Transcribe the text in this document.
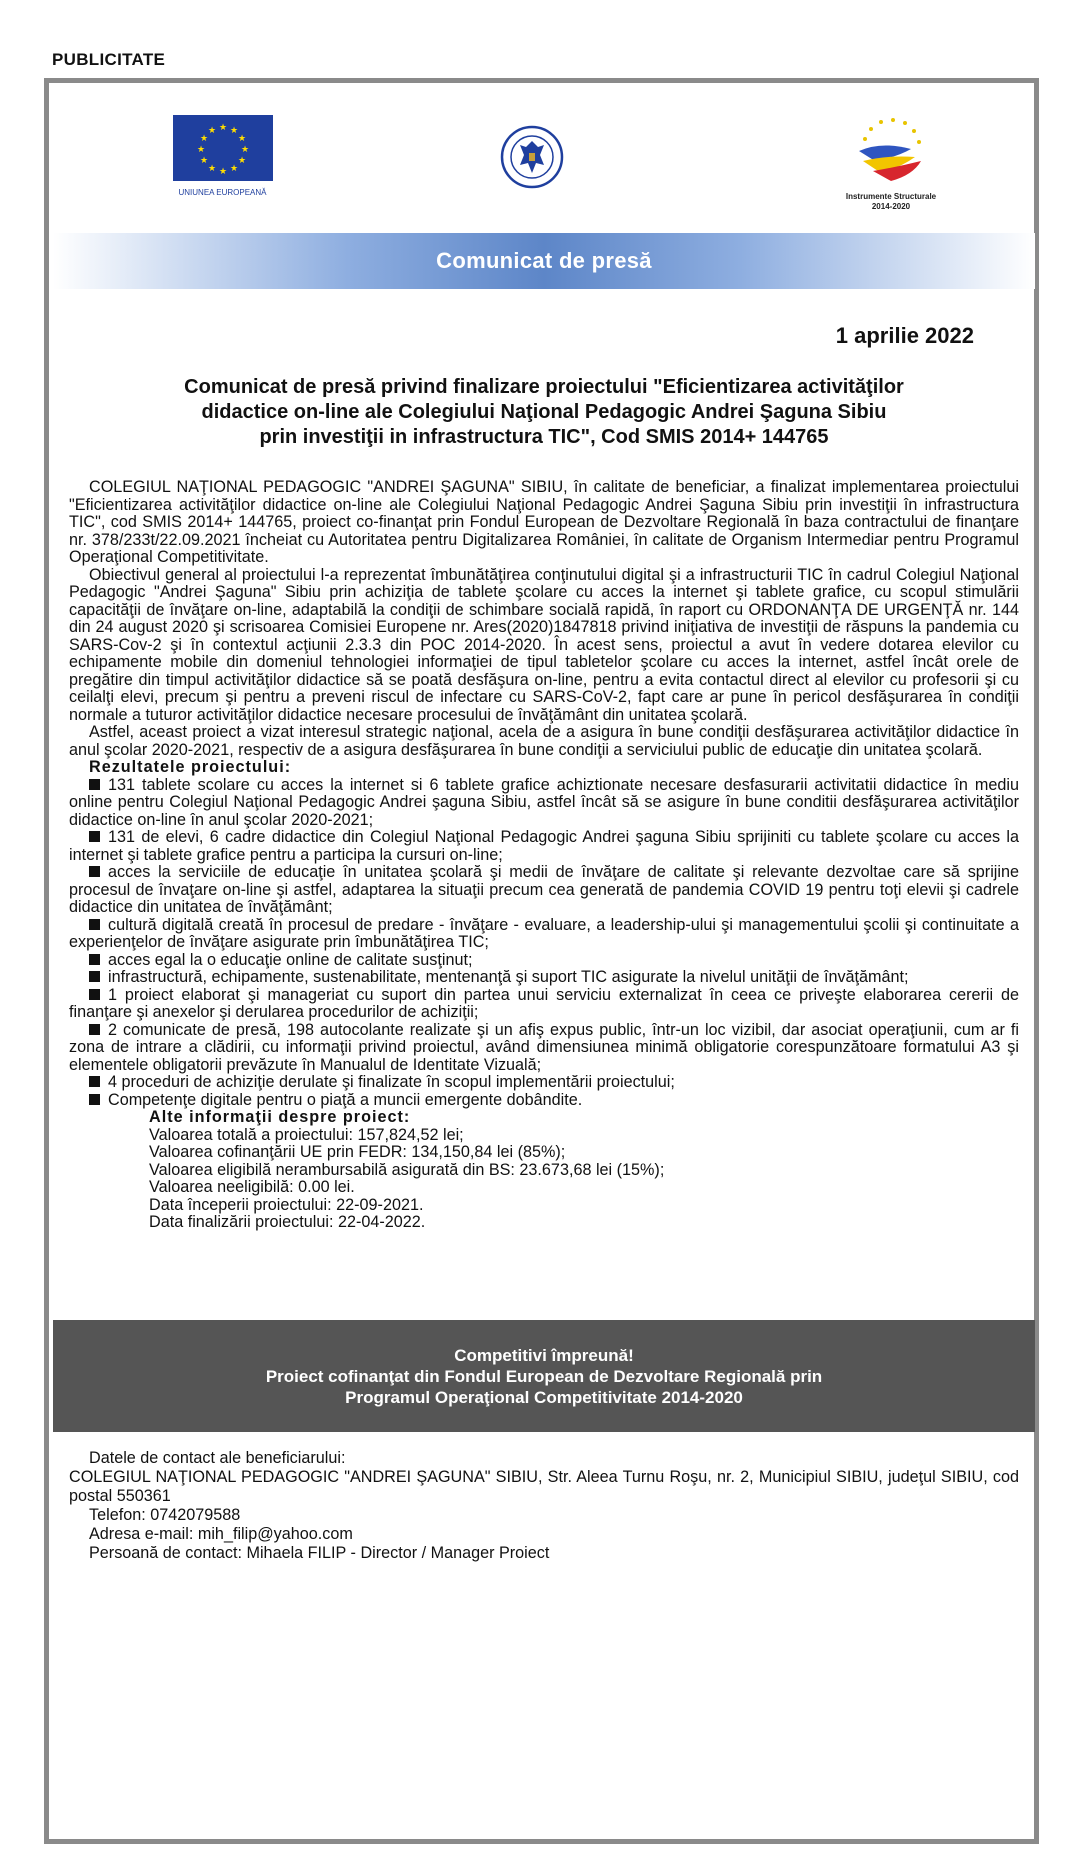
PUBLICITATE
★ ★
★
★
★
★
★
★
★
★
★
★
UNIUNEA EUROPEANĂ	Instrumente Structurale
2014-2020
Comunicat de presă
1 aprilie 2022
Comunicat de presă privind finalizare proiectului "Eficientizarea activităţilor
didactice on-line ale Colegiului Naţional Pedagogic Andrei Şaguna Sibiu
prin investiţii in infrastructura TIC", Cod SMIS 2014+ 144765

COLEGIUL NAŢIONAL PEDAGOGIC "ANDREI ŞAGUNA" SIBIU, în calitate de beneficiar, a finalizat implementarea proiectului "Eficientizarea activităţilor didactice on-line ale Colegiului Naţional Pedagogic Andrei Şaguna Sibiu prin investiţii în infrastructura TIC", cod SMIS 2014+ 144765, proiect co-finanţat prin Fondul European de Dezvoltare Regională în baza contractului de finanţare nr. 378/233t/22.09.2021 încheiat cu Autoritatea pentru Digitalizarea României, în calitate de Organism Intermediar pentru Programul Operaţional Competitivitate.

Obiectivul general al proiectului l-a reprezentat îmbunătăţirea conţinutului digital şi a infrastructurii TIC în cadrul Colegiul Naţional Pedagogic "Andrei Şaguna" Sibiu prin achiziţia de tablete şcolare cu acces la internet şi tablete grafice, cu scopul stimulării capacităţii de învăţare on-line, adaptabilă la condiţii de schimbare socială rapidă, în raport cu ORDONANŢA DE URGENŢĂ nr. 144 din 24 august 2020 şi scrisoarea Comisiei Europene nr. Ares(2020)1847818 privind iniţiativa de investiţii de răspuns la pandemia cu SARS-Cov-2 şi în contextul acţiunii 2.3.3 din POC 2014-2020. În acest sens, proiectul a avut în vedere dotarea elevilor cu echipamente mobile din domeniul tehnologiei informaţiei de tipul tabletelor şcolare cu acces la internet, astfel încât orele de pregătire din timpul activităţilor didactice să se poată desfăşura on-line, pentru a evita contactul direct al elevilor cu profesorii şi cu ceilalţi elevi, precum şi pentru a preveni riscul de infectare cu SARS-CoV-2, fapt care ar pune în pericol desfăşurarea în condiţii normale a tuturor activităţilor didactice necesare procesului de învăţământ din unitatea şcolară.

Astfel, aceast proiect a vizat interesul strategic naţional, acela de a asigura în bune condiţii desfăşurarea activităţilor didactice în anul şcolar 2020-2021, respectiv de a asigura desfăşurarea în bune condiţii a serviciului public de educaţie din unitatea şcolară.

Rezultatele proiectului:
131 tablete scolare cu acces la internet si 6 tablete grafice achiztionate necesare desfasurarii activitatii didactice în mediu online pentru Colegiul Naţional Pedagogic Andrei şaguna Sibiu, astfel încât să se asigure în bune conditii desfăşurarea activităţilor didactice on-line în anul şcolar 2020-2021;
131 de elevi, 6 cadre didactice din Colegiul Naţional Pedagogic Andrei şaguna Sibiu sprijiniti cu tablete şcolare cu acces la internet şi tablete grafice pentru a participa la cursuri on-line;
acces la serviciile de educaţie în unitatea şcolară şi medii de învăţare de calitate şi relevante dezvoltae care să sprijine procesul de învaţare on-line şi astfel, adaptarea la situaţii precum cea generată de pandemia COVID 19 pentru toţi elevii şi cadrele didactice din unitatea de învăţământ;
cultură digitală creată în procesul de predare - învăţare - evaluare, a leadership-ului şi managementului şcolii şi continuitate a experienţelor de învăţare asigurate prin îmbunătăţirea TIC;
acces egal la o educaţie online de calitate susţinut;
infrastructură, echipamente, sustenabilitate, mentenanţă şi suport TIC asigurate la nivelul unităţii de învăţământ;
1 proiect elaborat şi manageriat cu suport din partea unui serviciu externalizat în ceea ce priveşte elaborarea cererii de finanţare şi anexelor şi derularea procedurilor de achiziţii;
2 comunicate de presă, 198 autocolante realizate şi un afiş expus public, într-un loc vizibil, dar asociat operaţiunii, cum ar fi zona de intrare a clădirii, cu informaţii privind proiectul, având dimensiunea minimă obligatorie corespunzătoare formatului A3 şi elementele obligatorii prevăzute în Manualul de Identitate Vizuală;
4 proceduri de achiziţie derulate şi finalizate în scopul implementării proiectului;
Competenţe digitale pentru o piaţă a muncii emergente dobândite.
Alte informaţii despre proiect:
Valoarea totală a proiectului: 157,824,52 lei;
Valoarea cofinanţării UE prin FEDR: 134,150,84 lei (85%);
Valoarea eligibilă nerambursabilă asigurată din BS: 23.673,68 lei (15%);
Valoarea neeligibilă: 0.00 lei.
Data începerii proiectului: 22-09-2021.
Data finalizării proiectului: 22-04-2022.
Competitivi împreună!
Proiect cofinanţat din Fondul European de Dezvoltare Regională prin
Programul Operaţional Competitivitate 2014-2020
Datele de contact ale beneficiarului:
COLEGIUL NAŢIONAL PEDAGOGIC "ANDREI ŞAGUNA" SIBIU, Str. Aleea Turnu Roşu, nr. 2, Municipiul SIBIU, judeţul SIBIU, cod postal 550361
Telefon: 0742079588
Adresa e-mail: mih_filip@yahoo.com
Persoană de contact: Mihaela FILIP - Director / Manager Proiect
